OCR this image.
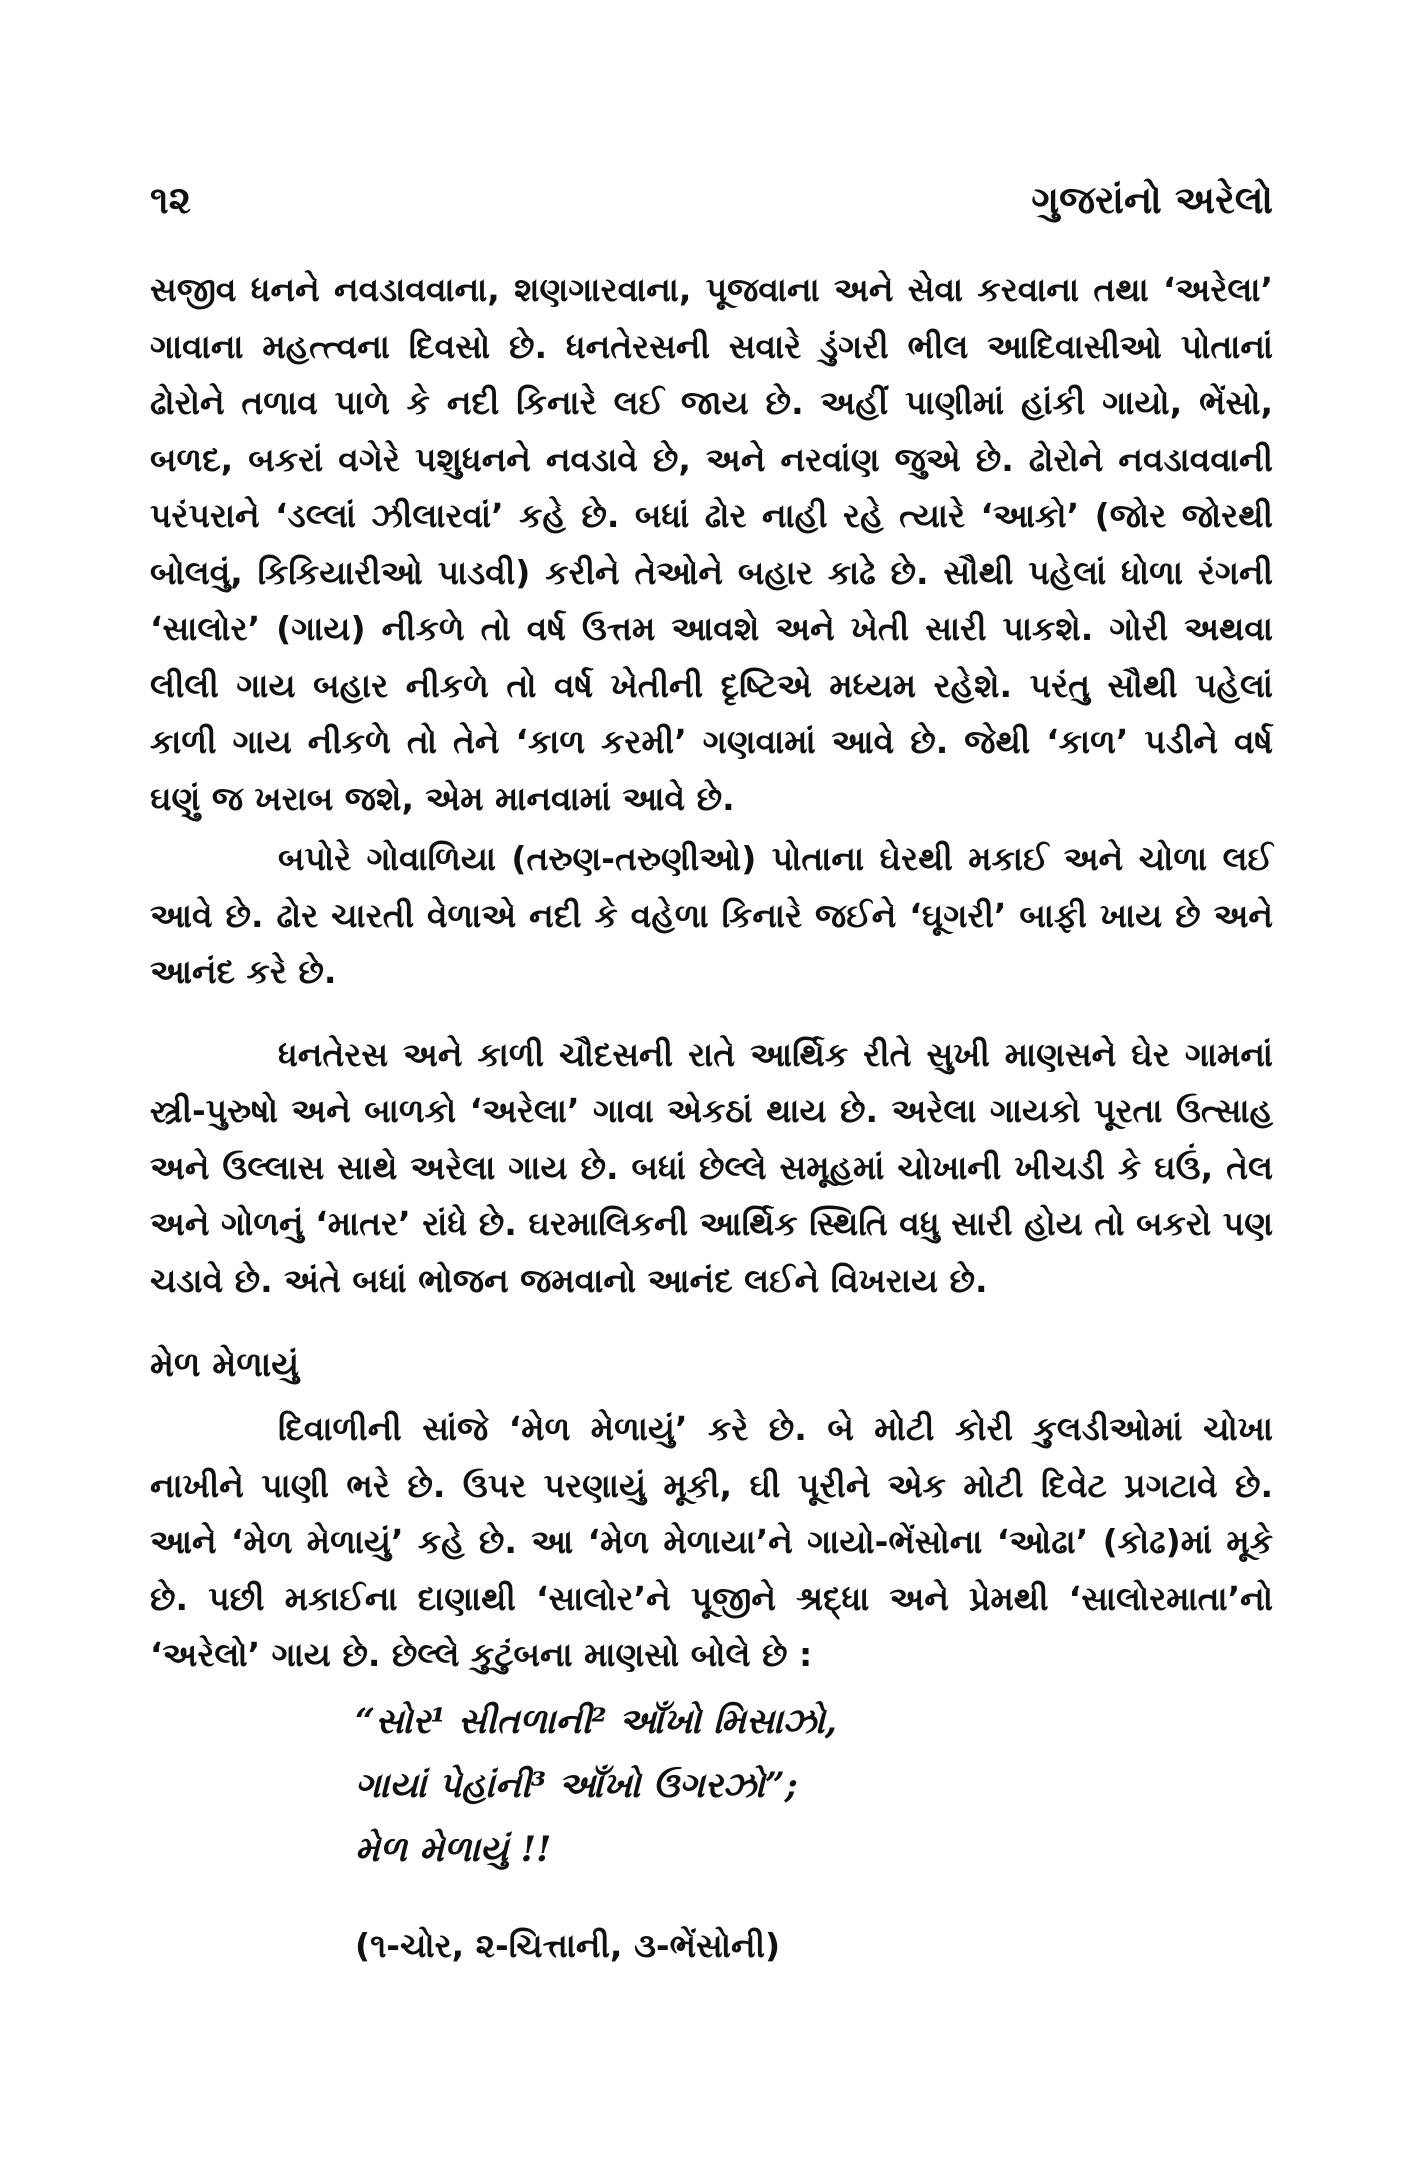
૧૨	ગુજરાંનો અરેલો

સજીવ ધનને નવડાવવાના, શણગારવાના, પૂજવાના અને સેવા કરવાના તથા ‘અરેલા’ ગાવાના મહત્ત્વના દિવસો છે. ધનતેરસની સવારે ડુંગરી ભીલ આદિવાસીઓ પોતાનાં ઢોરોને તળાવ પાળે કે નદી કિનારે લઈ જાય છે. અહીં પાણીમાં હાંકી ગાયો, ભેંસો, બળદ, બકરાં વગેરે પશુધનને નવડાવે છે, અને નરવાંણ જુએ છે. ઢોરોને નવડાવવાની પરંપરાને ‘ડલ્લાં ઝીલારવાં’ કહે છે. બધાં ઢોર નાહી રહે ત્યારે ‘આકો’ (જોર જોરથી બોલવું, કિકિયારીઓ પાડવી) કરીને તેઓને બહાર કાઢે છે. સૌથી પહેલાં ધોળા રંગની ‘સાલોર’ (ગાય) નીકળે તો વર્ષ ઉત્તમ આવશે અને ખેતી સારી પાકશે. ગોરી અથવા લીલી ગાય બહાર નીકળે તો વર્ષ ખેતીની દૃષ્ટિએ મધ્યમ રહેશે. પરંતુ સૌથી પહેલાં કાળી ગાય નીકળે તો તેને ‘કાળ કરમી’ ગણવામાં આવે છે. જેથી ‘કાળ’ પડીને વર્ષ ઘણું જ ખરાબ જશે, એમ માનવામાં આવે છે.

બપોરે ગોવાળિયા (તરુણ-તરુણીઓ) પોતાના ઘેરથી મકાઈ અને ચોળા લઈ આવે છે. ઢોર ચારતી વેળાએ નદી કે વહેળા કિનારે જઈને ‘ઘૂગરી’ બાફી ખાય છે અને આનંદ કરે છે.

ધનતેરસ અને કાળી ચૌદસની રાતે આર્થિક રીતે સુખી માણસને ઘેર ગામનાં સ્ત્રી-પુરુષો અને બાળકો ‘અરેલા’ ગાવા એકઠાં થાય છે. અરેલા ગાયકો પૂરતા ઉત્સાહ અને ઉલ્લાસ સાથે અરેલા ગાય છે. બધાં છેલ્લે સમૂહમાં ચોખાની ખીચડી કે ઘઉં, તેલ અને ગોળનું ‘માતર’ રાંધે છે. ઘરમાલિકની આર્થિક સ્થિતિ વધુ સારી હોય તો બકરો પણ ચડાવે છે. અંતે બધાં ભોજન જમવાનો આનંદ લઈને વિખરાય છે.

મેળ મેળાયું

દિવાળીની સાંજે ‘મેળ મેળાયું’ કરે છે. બે મોટી કોરી કુલડીઓમાં ચોખા નાખીને પાણી ભરે છે. ઉપર પરણાયું મૂકી, ઘી પૂરીને એક મોટી દિવેટ પ્રગટાવે છે. આને ‘મેળ મેળાયું’ કહે છે. આ ‘મેળ મેળાયા’ને ગાયો-ભેંસોના ‘ઓઢા’ (કોઢ)માં મૂકે છે. પછી મકાઈના દાણાથી ‘સાલોર’ને પૂજીને શ્રદ્ધા અને પ્રેમથી ‘સાલોરમાતા’નો ‘અરેલો’ ગાય છે. છેલ્લે કુટુંબના માણસો બોલે છે :

“સોર¹ સીતળાની² આઁખો મિસાઝો,
ગાયાં પેહાંની³ આઁખો ઉગરઝો”;
મેળ મેળાયું !!
(૧-ચોર, ૨-ચિત્તાની, ૩-ભેંસોની)
